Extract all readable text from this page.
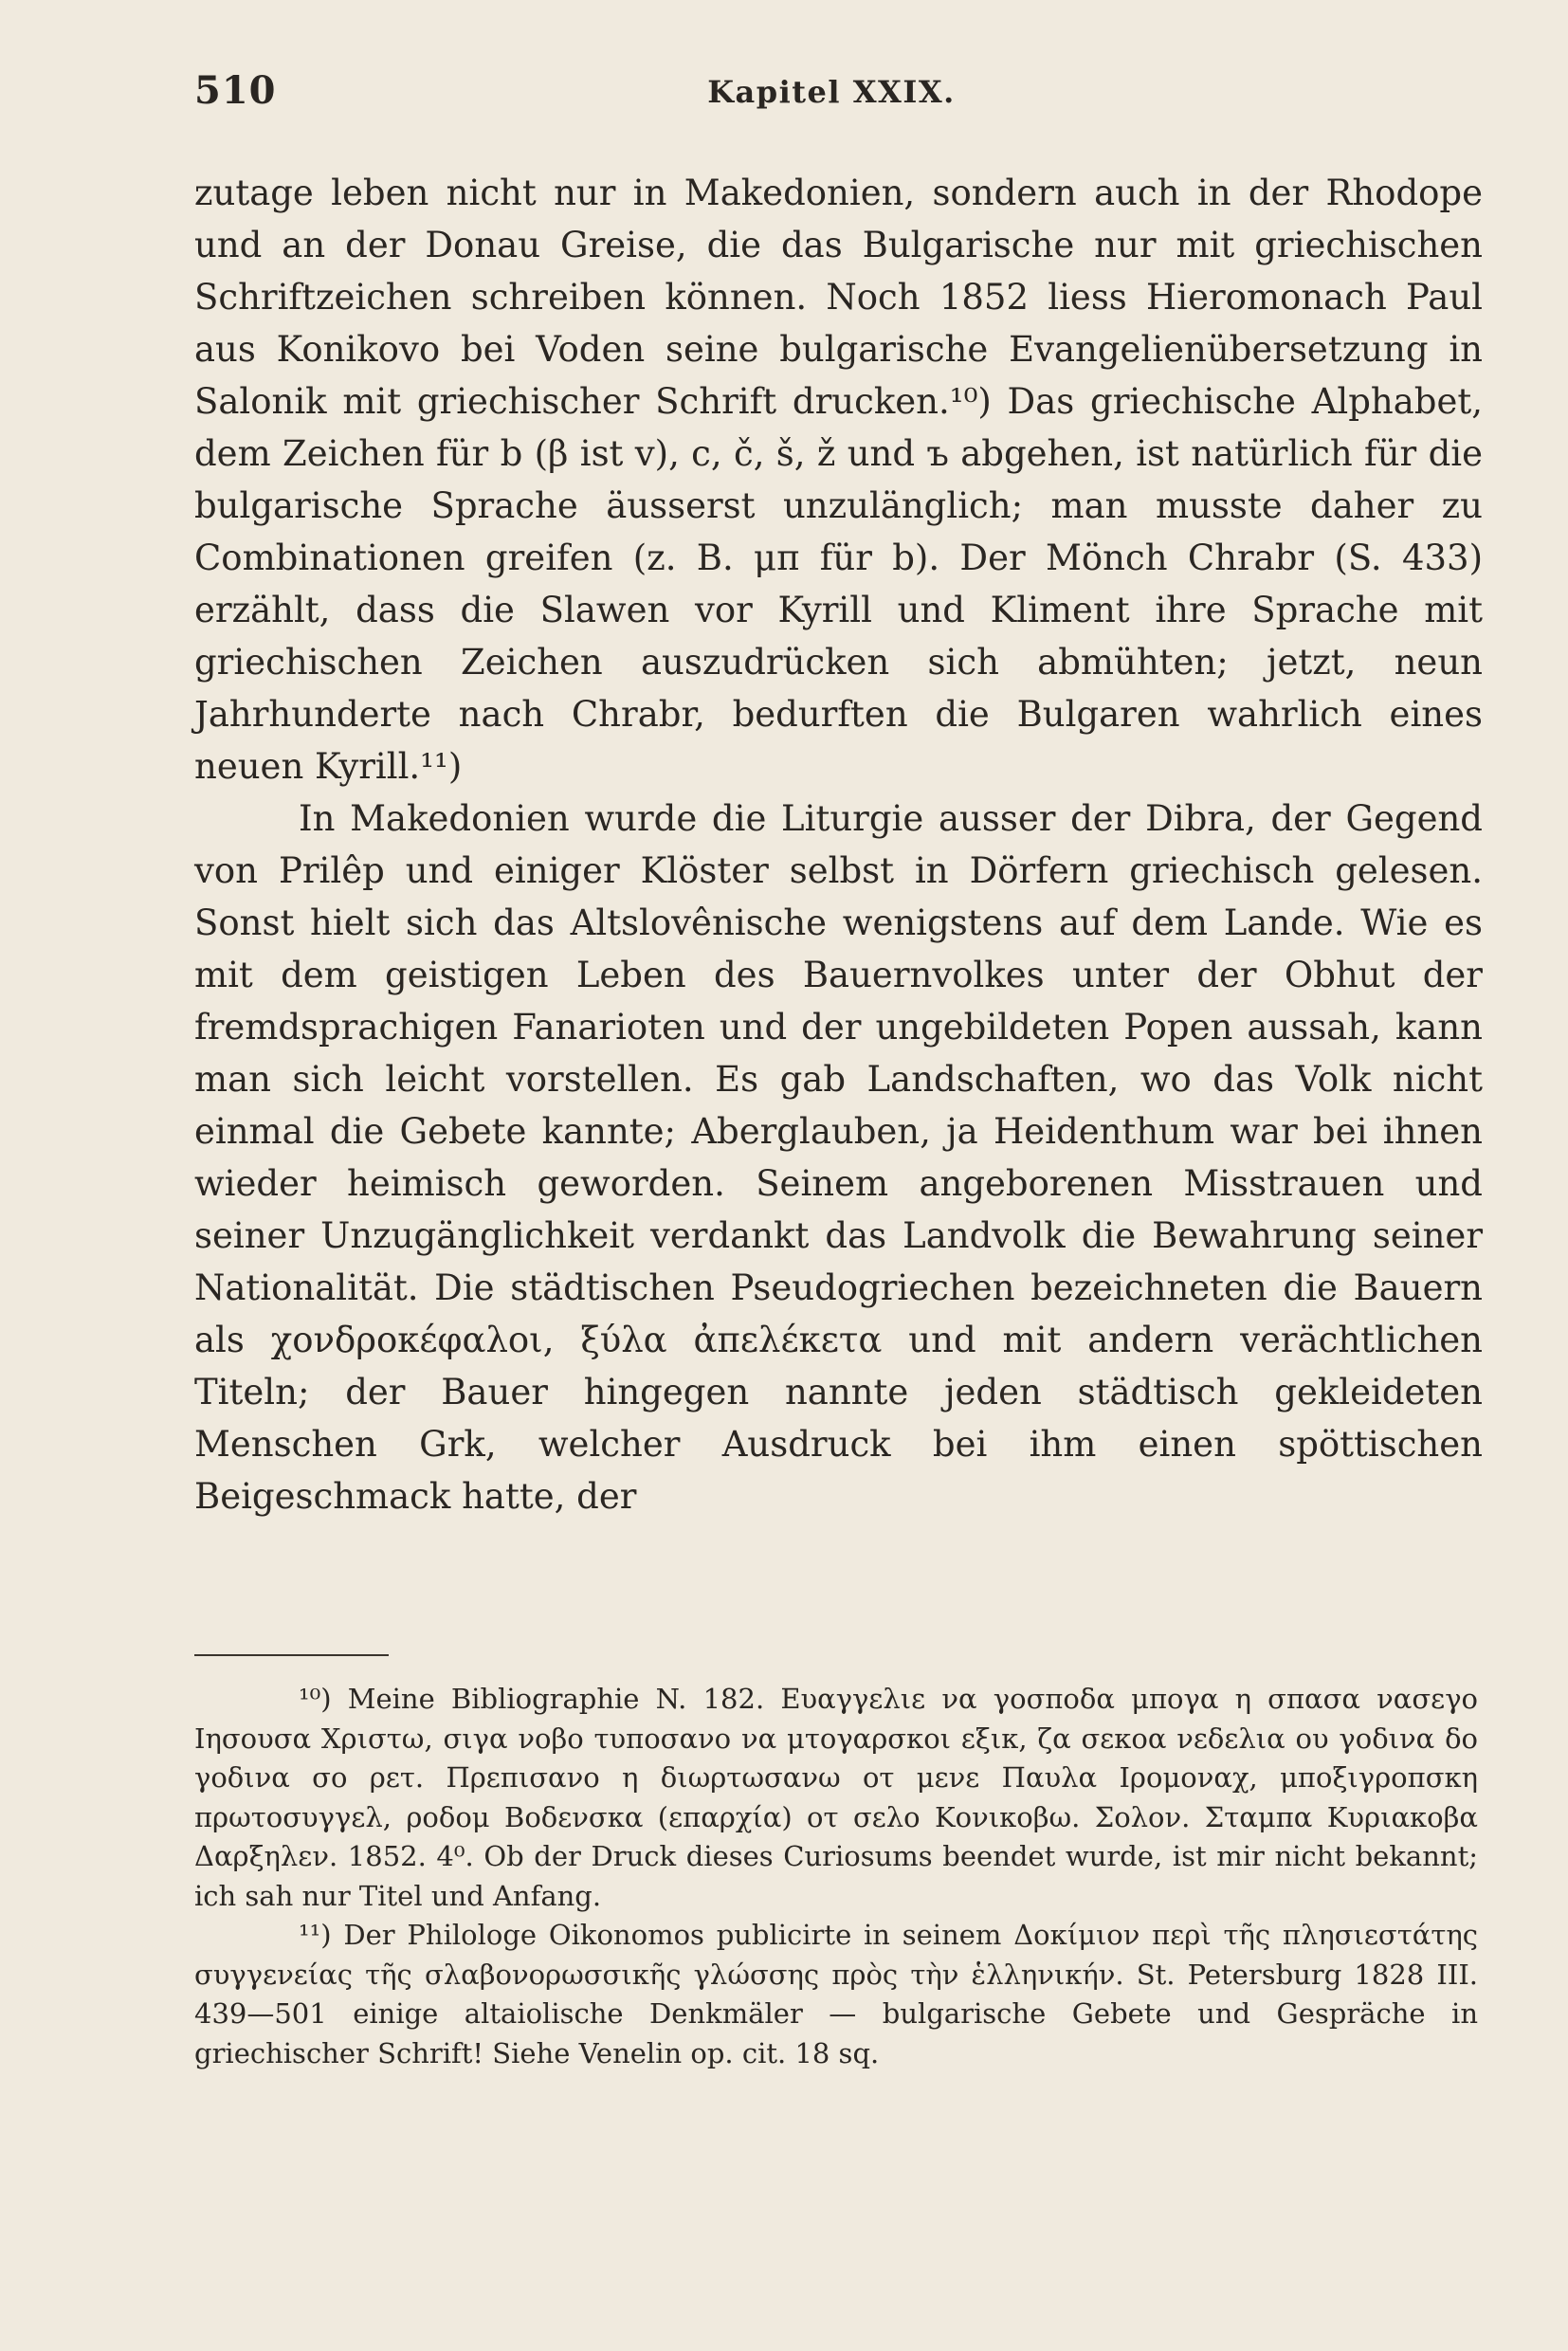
510	Kapitel XXIX.

zutage leben nicht nur in Makedonien, sondern auch in der Rhodope und an der Donau Greise, die das Bulgarische nur mit griechischen Schriftzeichen schreiben können. Noch 1852 liess Hieromonach Paul aus Konikovo bei Voden seine bulgarische Evangelienübersetzung in Salonik mit griechischer Schrift drucken.¹⁰) Das griechische Alphabet, dem Zeichen für b (β ist v), c, č, š, ž und ъ abgehen, ist natürlich für die bulgarische Sprache äusserst unzulänglich; man musste daher zu Combinationen greifen (z. B. μπ für b). Der Mönch Chrabr (S. 433) erzählt, dass die Slawen vor Kyrill und Kliment ihre Sprache mit griechischen Zeichen auszudrücken sich abmühten; jetzt, neun Jahrhunderte nach Chrabr, bedurften die Bulgaren wahrlich eines neuen Kyrill.¹¹)

In Makedonien wurde die Liturgie ausser der Dibra, der Gegend von Prilêp und einiger Klöster selbst in Dörfern griechisch gelesen. Sonst hielt sich das Altslovênische wenigstens auf dem Lande. Wie es mit dem geistigen Leben des Bauernvolkes unter der Obhut der fremdsprachigen Fanarioten und der ungebildeten Popen aussah, kann man sich leicht vorstellen. Es gab Landschaften, wo das Volk nicht einmal die Gebete kannte; Aberglauben, ja Heidenthum war bei ihnen wieder heimisch geworden. Seinem angeborenen Misstrauen und seiner Unzugänglichkeit verdankt das Landvolk die Bewahrung seiner Nationalität. Die städtischen Pseudogriechen bezeichneten die Bauern als χονδροκέφαλοι, ξύλα ἀπελέκετα und mit andern verächtlichen Titeln; der Bauer hingegen nannte jeden städtisch gekleideten Menschen Grk, welcher Ausdruck bei ihm einen spöttischen Beigeschmack hatte, der

¹⁰) Meine Bibliographie N. 182. Ευαγγελιε να γοσποδα μπογα η σπασα νασεγο Ιησουσα Χριστω, σιγα νοβο τυποσανο να μτογαρσκοι εξικ, ζα σεκοα νεδελια ου γοδινα δο γοδινα σο ρετ. Πρεπισανο η διωρτωσανω οτ μενε Παυλα Ιρομοναχ, μποξιγροπσκη πρωτοσυγγελ, ροδομ Βοδενσκα (επαρχία) οτ σελο Κονικοβω. Σολον. Σταμπα Κυριακοβα Δαρξηλεν. 1852. 4⁰. Ob der Druck dieses Curiosums beendet wurde, ist mir nicht bekannt; ich sah nur Titel und Anfang.

¹¹) Der Philologe Oikonomos publicirte in seinem Δοκίμιον περὶ τῆς πλησιεστάτης συγγενείας τῆς σλαβονορωσσικῆς γλώσσης πρὸς τὴν ἑλληνικήν. St. Petersburg 1828 III. 439—501 einige altaiolische Denkmäler — bulgarische Gebete und Gespräche in griechischer Schrift! Siehe Venelin op. cit. 18 sq.
